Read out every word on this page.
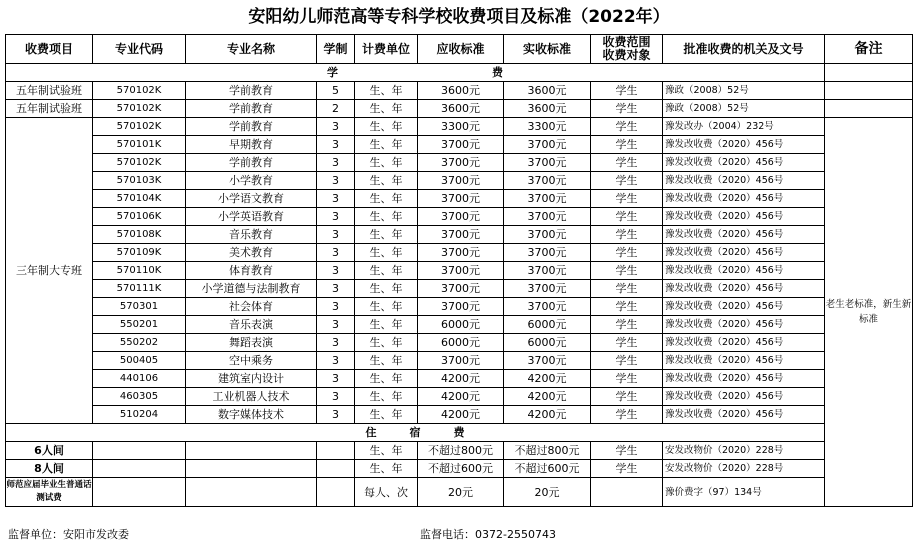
安阳幼儿师范高等专科学校收费项目及标准（2022年）
收费项目	专业代码	专业名称	学制	计费单位	应收标准	实收标准	收费范围收费对象	批准收费的机关及文号	备注
学　　　　　　　　　　　　　　费									
五年制试验班	570102K	学前教育	5	生、年	3600元	3600元	学生	豫政（2008）52号	
五年制试验班	570102K	学前教育	2	生、年	3600元	3600元	学生	豫政（2008）52号	
三年制大专班	570102K	学前教育	3	生、年	3300元	3300元	学生	豫发改办（2004）232号	老生老标准，新生新标准
	570101K	早期教育	3	生、年	3700元	3700元	学生	豫发改收费（2020）456号	
	570102K	学前教育	3	生、年	3700元	3700元	学生	豫发改收费（2020）456号	
	570103K	小学教育	3	生、年	3700元	3700元	学生	豫发改收费（2020）456号	
	570104K	小学语文教育	3	生、年	3700元	3700元	学生	豫发改收费（2020）456号	
	570106K	小学英语教育	3	生、年	3700元	3700元	学生	豫发改收费（2020）456号	
	570108K	音乐教育	3	生、年	3700元	3700元	学生	豫发改收费（2020）456号	
	570109K	美术教育	3	生、年	3700元	3700元	学生	豫发改收费（2020）456号	
	570110K	体育教育	3	生、年	3700元	3700元	学生	豫发改收费（2020）456号	
	570111K	小学道德与法制教育	3	生、年	3700元	3700元	学生	豫发改收费（2020）456号	
	570301	社会体育	3	生、年	3700元	3700元	学生	豫发改收费（2020）456号	
	550201	音乐表演	3	生、年	6000元	6000元	学生	豫发改收费（2020）456号	
	550202	舞蹈表演	3	生、年	6000元	6000元	学生	豫发改收费（2020）456号	
	500405	空中乘务	3	生、年	3700元	3700元	学生	豫发改收费（2020）456号	
	440106	建筑室内设计	3	生、年	4200元	4200元	学生	豫发改收费（2020）456号	
	460305	工业机器人技术	3	生、年	4200元	4200元	学生	豫发改收费（2020）456号	
	510204	数字媒体技术	3	生、年	4200元	4200元	学生	豫发改收费（2020）456号	
住　　　宿　　　费									
6人间				生、年	不超过800元	不超过800元	学生	安发改物价（2020）228号	
8人间				生、年	不超过600元	不超过600元	学生	安发改物价（2020）228号	
师范应届毕业生普通话测试费				每人、次	20元	20元		豫价费字（97）134号	
监督单位：安阳市发改委	监督电话：0372-2550743
